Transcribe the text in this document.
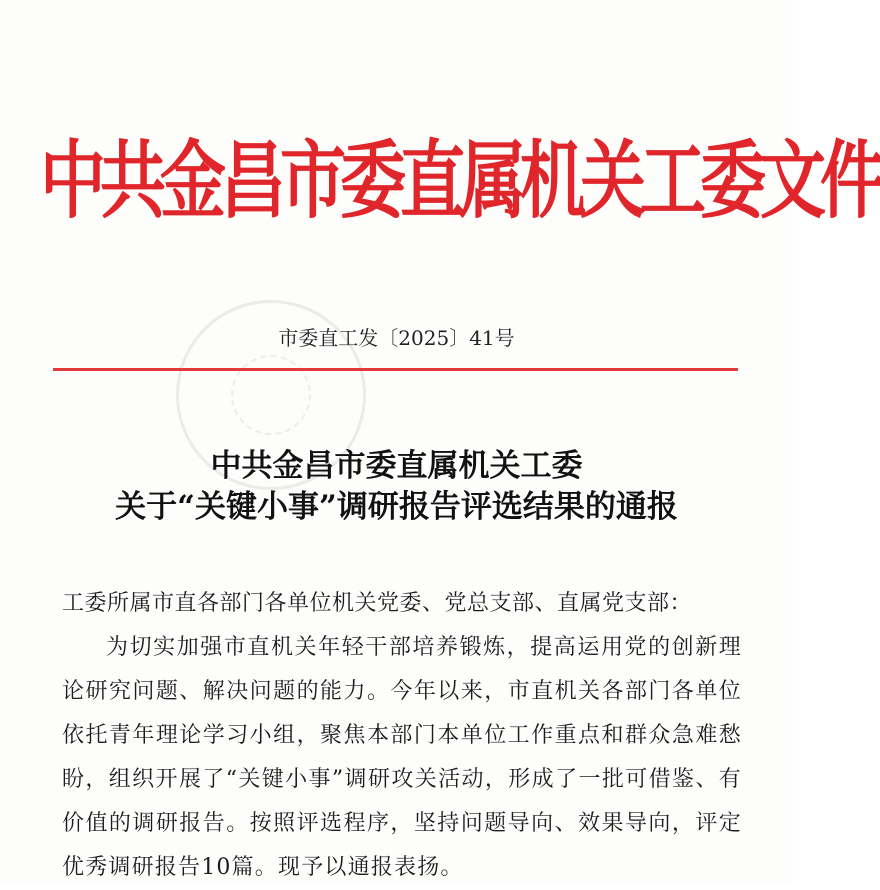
中共金昌市委直属机关工委文件
市委直工发〔2025〕41号
中共金昌市委直属机关工委
关于“关键小事”调研报告评选结果的通报
工委所属市直各部门各单位机关党委、党总支部、直属党支部：
为切实加强市直机关年轻干部培养锻炼，提高运用党的创新理论研究问题、解决问题的能力。今年以来，市直机关各部门各单位依托青年理论学习小组，聚焦本部门本单位工作重点和群众急难愁盼，组织开展了“关键小事”调研攻关活动，形成了一批可借鉴、有价值的调研报告。按照评选程序，坚持问题导向、效果导向，评定优秀调研报告10篇。现予以通报表扬。
